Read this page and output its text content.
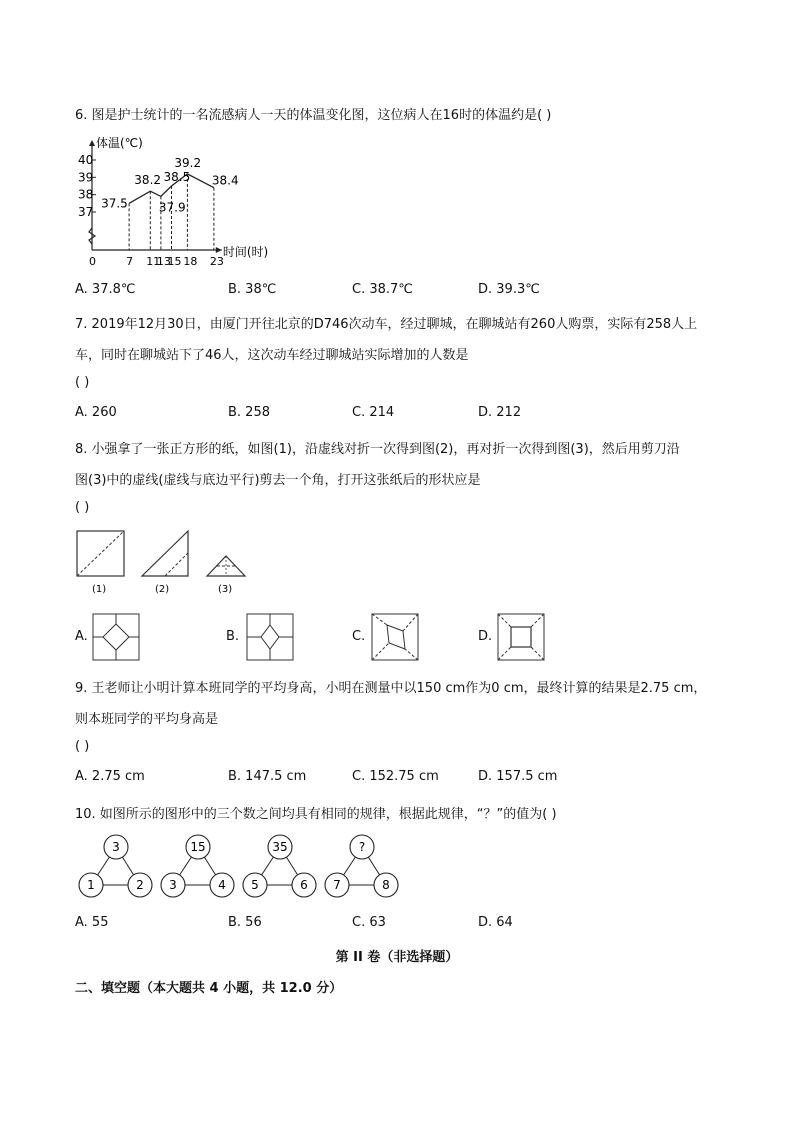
6. 图是护士统计的一名流感病人一天的体温变化图，这位病人在16时的体温约是( )
体温(℃)
时间(时)
40
39
38
37
0	7 11
13
15 18 23
37.5
38.2
37.9
38.5
39.2
38.4
A. 37.8℃	B. 38℃	C. 38.7℃	D. 39.3℃
7. 2019年12月30日，由厦门开往北京的D746次动车，经过聊城，在聊城站有260人购票，实际有258人上
车，同时在聊城站下了46人，这次动车经过聊城站实际增加的人数是
( )
A. 260	B. 258	C. 214	D. 212
8. 小强拿了一张正方形的纸，如图(1)，沿虚线对折一次得到图(2)，再对折一次得到图(3)，然后用剪刀沿
图(3)中的虚线(虚线与底边平行)剪去一个角，打开这张纸后的形状应是
( )
(1)	(2)	(3)
A.	B.	C.	D.
9. 王老师让小明计算本班同学的平均身高，小明在测量中以150 cm作为0 cm，最终计算的结果是2.75 cm，
则本班同学的平均身高是
( )
A. 2.75 cm	B. 147.5 cm	C. 152.75 cm	D. 157.5 cm
10. 如图所示的图形中的三个数之间均具有相同的规律，根据此规律，“？”的值为( )
3
1	2
15
3	4
35
5	6
?
7	8
A. 55	B. 56	C. 63	D. 64
第 II 卷（非选择题）
二、填空题（本大题共 4 小题，共 12.0 分）
